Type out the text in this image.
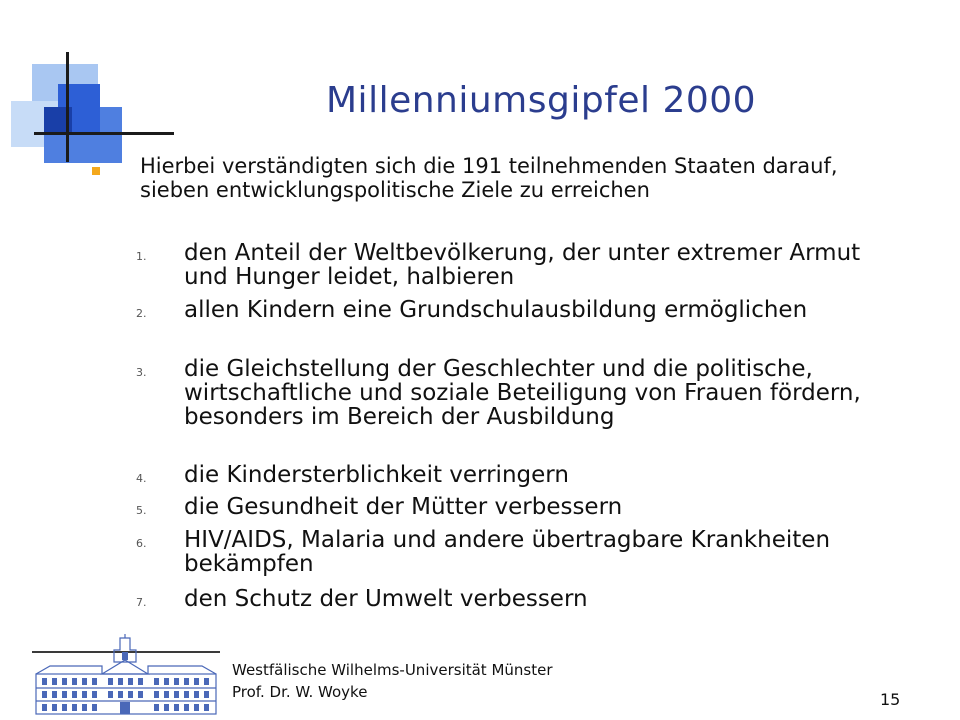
Millenniumsgipfel 2000
Hierbei verständigten sich die 191 teilnehmenden Staaten darauf, sieben entwicklungspolitische Ziele zu erreichen
1. den Anteil der Weltbevölkerung, der unter extremer Armut und Hunger leidet, halbieren
2. allen Kindern eine Grundschulausbildung ermöglichen
3. die Gleichstellung der Geschlechter und die politische, wirtschaftliche und soziale Beteiligung von Frauen fördern, besonders im Bereich der Ausbildung
4. die Kindersterblichkeit verringern
5. die Gesundheit der Mütter verbessern
6. HIV/AIDS, Malaria und andere übertragbare Krankheiten bekämpfen
7. den Schutz der Umwelt verbessern
Westfälische Wilhelms-Universität Münster
Prof. Dr. W. Woyke	15
